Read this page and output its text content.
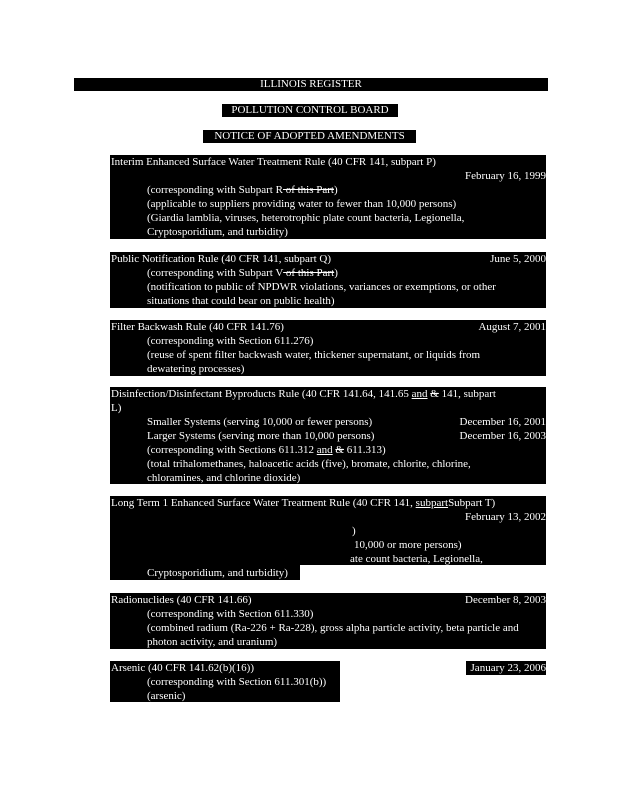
ILLINOIS REGISTER
POLLUTION CONTROL BOARD
NOTICE OF ADOPTED AMENDMENTS
Interim Enhanced Surface Water Treatment Rule (40 CFR 141, subpart P)
February 16, 1999
(corresponding with Subpart R of this Part)
(applicable to suppliers providing water to fewer than 10,000 persons)
(Giardia lamblia, viruses, heterotrophic plate count bacteria, Legionella,
Cryptosporidium, and turbidity)
Public Notification Rule (40 CFR 141, subpart Q)	June 5, 2000
(corresponding with Subpart V of this Part)
(notification to public of NPDWR violations, variances or exemptions, or other
situations that could bear on public health)
Filter Backwash Rule (40 CFR 141.76)	August 7, 2001
(corresponding with Section 611.276)
(reuse of spent filter backwash water, thickener supernatant, or liquids from
dewatering processes)
Disinfection/Disinfectant Byproducts Rule (40 CFR 141.64, 141.65 and & 141, subpart
L)
Smaller Systems (serving 10,000 or fewer persons)	December 16, 2001
Larger Systems (serving more than 10,000 persons)	December 16, 2003
(corresponding with Sections 611.312 and & 611.313)
(total trihalomethanes, haloacetic acids (five), bromate, chlorite, chlorine,
chloramines, and chlorine dioxide)
Long Term 1 Enhanced Surface Water Treatment Rule (40 CFR 141, subpartSubpart T)
February 13, 2002
)
10,000 or more persons)
ate count bacteria, Legionella,
Cryptosporidium, and turbidity)
Radionuclides (40 CFR 141.66)	December 8, 2003
(corresponding with Section 611.330)
(combined radium (Ra-226 + Ra-228), gross alpha particle activity, beta particle and
photon activity, and uranium)
Arsenic (40 CFR 141.62(b)(16))	January 23, 2006
(corresponding with Section 611.301(b))
(arsenic)
